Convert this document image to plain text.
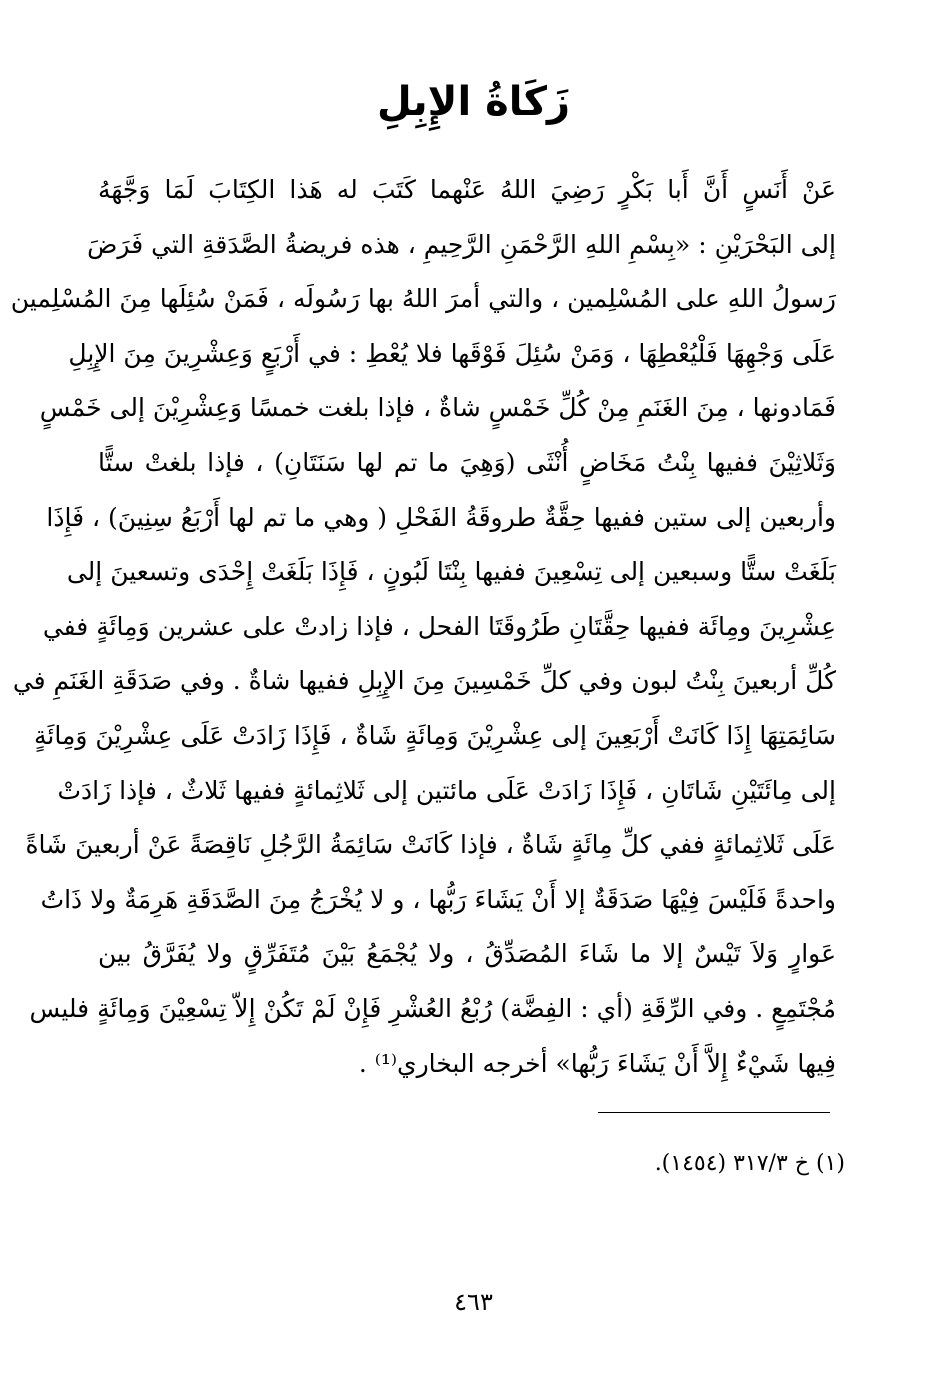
زَكَاةُ الإِبِلِ
عَنْ أَنَسٍ أَنَّ أَبا بَكْرٍ رَضِيَ اللهُ عَنْهما كَتَبَ له هَذا الكِتَابَ لَمَا وَجَّهَهُ
إلى البَحْرَيْنِ : «بِسْمِ اللهِ الرَّحْمَنِ الرَّحِيمِ ، هذه فريضةُ الصَّدَقةِ التي فَرَضَ
رَسولُ اللهِ على المُسْلِمين ، والتي أمرَ اللهُ بها رَسُولَه ، فَمَنْ سُئِلَها مِنَ المُسْلِمين
عَلَى وَجْهِهَا فَلْيُعْطِهَا ، وَمَنْ سُئِلَ فَوْقَها فلا يُعْطِ : في أَرْبَعٍ وَعِشْرِينَ مِنَ الإِبِلِ
فَمَادونها ، مِنَ الغَنَمِ مِنْ كُلِّ خَمْسٍ شاةٌ ، فإذا بلغت خمسًا وَعِشْرِيْنَ إلى خَمْسٍ
وَثَلاثِيْنَ ففيها بِنْتُ مَخَاضٍ أُنْثَى (وَهِيَ ما تم لها سَنَتَانِ) ، فإذا بلغتْ ستًّا
وأربعين إلى ستين ففيها حِقَّةٌ طروقَةُ الفَحْلِ ( وهي ما تم لها أَرْبَعُ سِنِينَ) ، فَإِذَا
بَلَغَتْ ستًّا وسبعين إلى تِسْعِينَ ففيها بِنْتَا لَبُونٍ ، فَإِذَا بَلَغَتْ إِحْدَى وتسعينَ إلى
عِشْرِينَ ومِائَة ففيها حِقَّتَانِ طَرُوقَتَا الفحل ، فإذا زادتْ على عشرين وَمِائَةٍ ففي
كُلِّ أربعينَ بِنْتُ لبون وفي كلِّ خَمْسِينَ مِنَ الإِبِلِ ففيها شاةٌ . وفي صَدَقَةِ الغَنَمِ في
سَائِمَتِهَا إِذَا كَانَتْ أَرْبَعِينَ إلى عِشْرِيْنَ وَمِائَةٍ شَاةٌ ، فَإِذَا زَادَتْ عَلَى عِشْرِيْنَ وَمِائَةٍ
إلى مِائَتَيْنِ شَاتَانِ ، فَإِذَا زَادَتْ عَلَى مائتين إلى ثَلاثِمائةٍ ففيها ثَلاثٌ ، فإذا زَادَتْ
عَلَى ثَلاثِمائةٍ ففي كلِّ مِائَةٍ شَاةٌ ، فإذا كَانَتْ سَائِمَةُ الرَّجُلِ نَاقِصَةً عَنْ أربعينَ شَاةً
واحدةً فَلَيْسَ فِيْهَا صَدَقَةٌ إلا أَنْ يَشَاءَ رَبُّها ، و لا يُخْرَجُ مِنَ الصَّدَقَةِ هَرِمَةٌ ولا ذَاتُ
عَوارٍ وَلاَ تَيْسٌ إلا ما شَاءَ المُصَدِّقُ ، ولا يُجْمَعُ بَيْنَ مُتَفَرِّقٍ ولا يُفَرَّقُ بين
مُجْتَمِعٍ . وفي الرِّقَةِ (أي : الفِضَّة) رُبْعُ العُشْرِ فَإِنْ لَمْ تَكُنْ إِلاّ تِسْعِيْنَ وَمِائَةٍ فليس
فِيها شَيْءٌ إِلاَّ أَنْ يَشَاءَ رَبُّها» أخرجه البخاري⁽¹⁾ .
(١) خ ٣١٧/٣ (١٤٥٤).
٤٦٣
